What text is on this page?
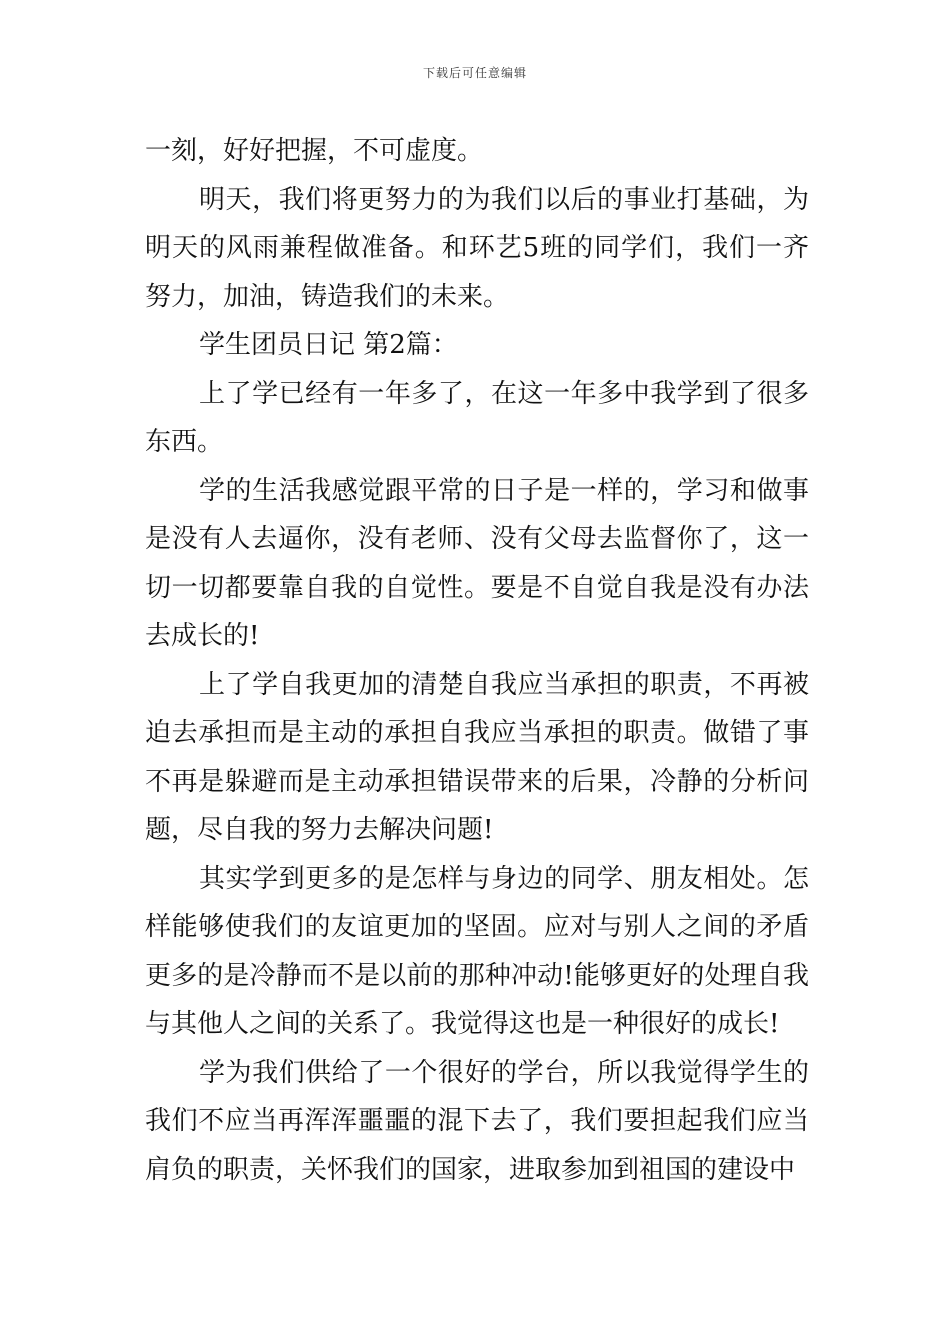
下载后可任意编辑

一刻，好好把握，不可虚度。

明天，我们将更努力的为我们以后的事业打基础，为明天的风雨兼程做准备。和环艺5班的同学们，我们一齐努力，加油，铸造我们的未来。

学生团员日记 第2篇：

上了学已经有一年多了，在这一年多中我学到了很多东西。

学的生活我感觉跟平常的日子是一样的，学习和做事是没有人去逼你，没有老师、没有父母去监督你了，这一切一切都要靠自我的自觉性。要是不自觉自我是没有办法去成长的!

上了学自我更加的清楚自我应当承担的职责，不再被迫去承担而是主动的承担自我应当承担的职责。做错了事不再是躲避而是主动承担错误带来的后果，冷静的分析问题，尽自我的努力去解决问题!

其实学到更多的是怎样与身边的同学、朋友相处。怎样能够使我们的友谊更加的坚固。应对与别人之间的矛盾更多的是冷静而不是以前的那种冲动!能够更好的处理自我与其他人之间的关系了。我觉得这也是一种很好的成长!

学为我们供给了一个很好的学台，所以我觉得学生的我们不应当再浑浑噩噩的混下去了，我们要担起我们应当肩负的职责，关怀我们的国家，进取参加到祖国的建设中
